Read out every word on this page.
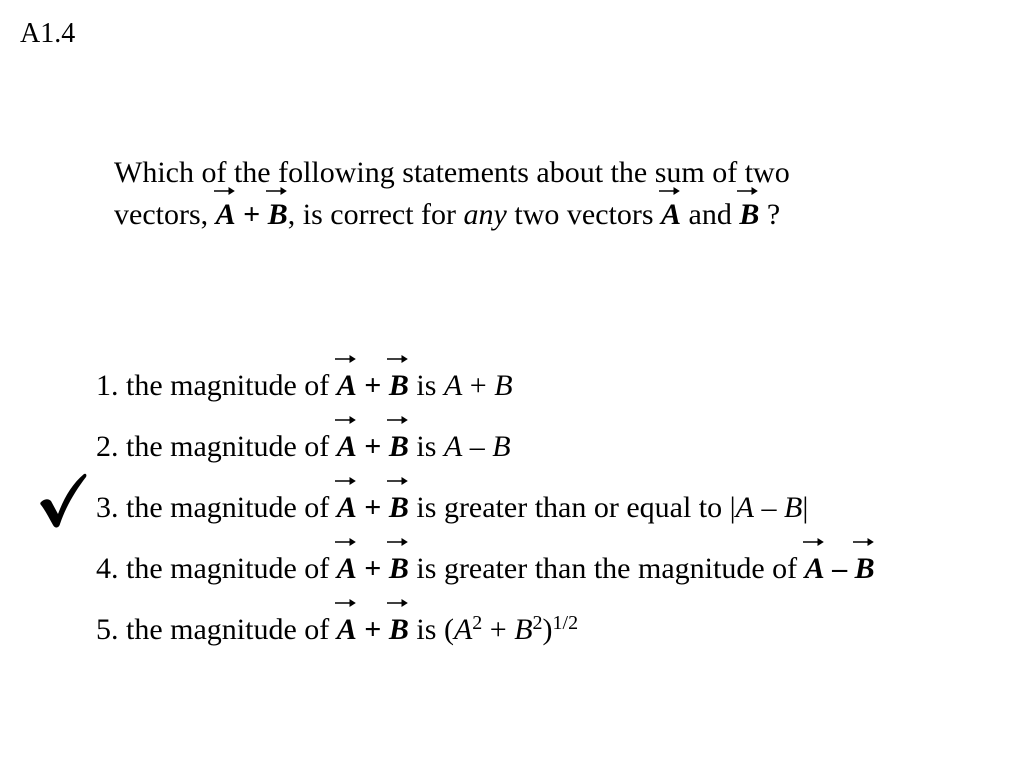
A1.4
Which of the following statements about the sum of two
vectors, A + B
, is correct for any two vectors A
and B
?
1. the magnitude of A + B
is A + B
2. the magnitude of A + B
is A – B
3. the magnitude of A + B
is greater than or equal to |A – B|
4. the magnitude of A + B
is greater than the magnitude of A – B
5. the magnitude of A + B
is $(A^2 + B^2)^{1/2}$
